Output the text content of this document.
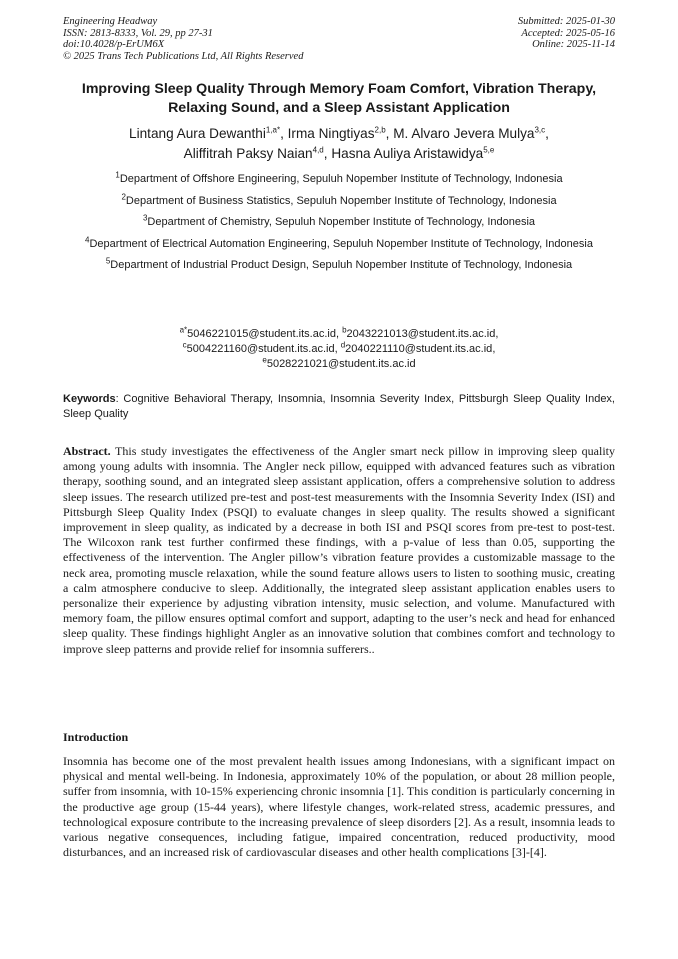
Engineering Headway
ISSN: 2813-8333, Vol. 29, pp 27-31
doi:10.4028/p-ErUM6X
© 2025 Trans Tech Publications Ltd, All Rights Reserved
Submitted: 2025-01-30
Accepted: 2025-05-16
Online: 2025-11-14
Improving Sleep Quality Through Memory Foam Comfort, Vibration Therapy, Relaxing Sound, and a Sleep Assistant Application
Lintang Aura Dewanthi$^{1,a*}$, Irma Ningtiyas$^{2,b}$, M. Alvaro Jevera Mulya$^{3,c}$,
Aliffitrah Paksy Naian$^{4,d}$, Hasna Auliya Aristawidya$^{5,e}$
$^1$Department of Offshore Engineering, Sepuluh Nopember Institute of Technology, Indonesia
$^2$Department of Business Statistics, Sepuluh Nopember Institute of Technology, Indonesia
$^3$Department of Chemistry, Sepuluh Nopember Institute of Technology, Indonesia
$^4$Department of Electrical Automation Engineering, Sepuluh Nopember Institute of Technology, Indonesia
$^5$Department of Industrial Product Design, Sepuluh Nopember Institute of Technology, Indonesia
$^{a*}$5046221015@student.its.ac.id, $^b$2043221013@student.its.ac.id,
$^c$5004221160@student.its.ac.id, $^d$2040221110@student.its.ac.id,
$^e$5028221021@student.its.ac.id
Keywords: Cognitive Behavioral Therapy, Insomnia, Insomnia Severity Index, Pittsburgh Sleep Quality Index, Sleep Quality
Abstract. This study investigates the effectiveness of the Angler smart neck pillow in improving sleep quality among young adults with insomnia. The Angler neck pillow, equipped with advanced features such as vibration therapy, soothing sound, and an integrated sleep assistant application, offers a comprehensive solution to address sleep issues. The research utilized pre-test and post-test measurements with the Insomnia Severity Index (ISI) and Pittsburgh Sleep Quality Index (PSQI) to evaluate changes in sleep quality. The results showed a significant improvement in sleep quality, as indicated by a decrease in both ISI and PSQI scores from pre-test to post-test. The Wilcoxon rank test further confirmed these findings, with a p-value of less than 0.05, supporting the effectiveness of the intervention. The Angler pillow’s vibration feature provides a customizable massage to the neck area, promoting muscle relaxation, while the sound feature allows users to listen to soothing music, creating a calm atmosphere conducive to sleep. Additionally, the integrated sleep assistant application enables users to personalize their experience by adjusting vibration intensity, music selection, and volume. Manufactured with memory foam, the pillow ensures optimal comfort and support, adapting to the user’s neck and head for enhanced sleep quality. These findings highlight Angler as an innovative solution that combines comfort and technology to improve sleep patterns and provide relief for insomnia sufferers..
Introduction
Insomnia has become one of the most prevalent health issues among Indonesians, with a significant impact on physical and mental well-being. In Indonesia, approximately 10% of the population, or about 28 million people, suffer from insomnia, with 10-15% experiencing chronic insomnia [1]. This condition is particularly concerning in the productive age group (15-44 years), where lifestyle changes, work-related stress, academic pressures, and technological exposure contribute to the increasing prevalence of sleep disorders [2]. As a result, insomnia leads to various negative consequences, including fatigue, impaired concentration, reduced productivity, mood disturbances, and an increased risk of cardiovascular diseases and other health complications [3]-[4].
